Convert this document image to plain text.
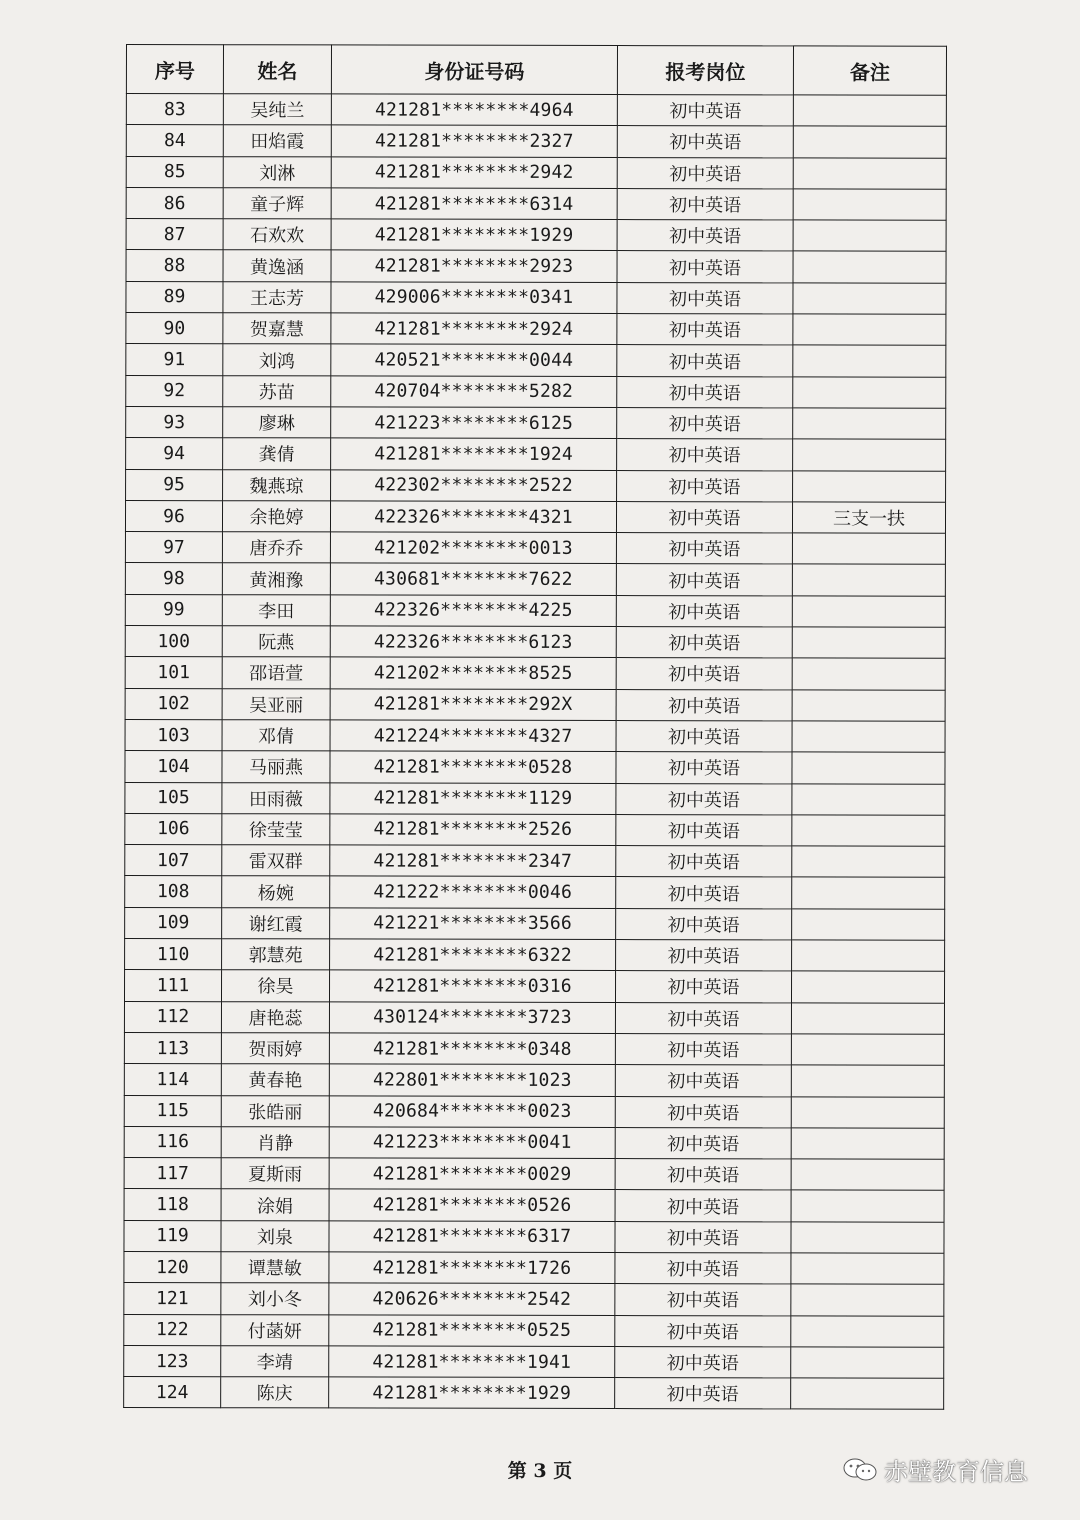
序号	姓名	身份证号码	报考岗位	备注
83	吴纯兰	421281********4964	初中英语	
84	田焰霞	421281********2327	初中英语	
85	刘淋	421281********2942	初中英语	
86	童子辉	421281********6314	初中英语	
87	石欢欢	421281********1929	初中英语	
88	黄逸涵	421281********2923	初中英语	
89	王志芳	429006********0341	初中英语	
90	贺嘉慧	421281********2924	初中英语	
91	刘鸿	420521********0044	初中英语	
92	苏苗	420704********5282	初中英语	
93	廖琳	421223********6125	初中英语	
94	龚倩	421281********1924	初中英语	
95	魏燕琼	422302********2522	初中英语	
96	余艳婷	422326********4321	初中英语	三支一扶
97	唐乔乔	421202********0013	初中英语	
98	黄湘豫	430681********7622	初中英语	
99	李田	422326********4225	初中英语	
100	阮燕	422326********6123	初中英语	
101	邵语萱	421202********8525	初中英语	
102	吴亚丽	421281********292X	初中英语	
103	邓倩	421224********4327	初中英语	
104	马丽燕	421281********0528	初中英语	
105	田雨薇	421281********1129	初中英语	
106	徐莹莹	421281********2526	初中英语	
107	雷双群	421281********2347	初中英语	
108	杨婉	421222********0046	初中英语	
109	谢红霞	421221********3566	初中英语	
110	郭慧苑	421281********6322	初中英语	
111	徐昊	421281********0316	初中英语	
112	唐艳蕊	430124********3723	初中英语	
113	贺雨婷	421281********0348	初中英语	
114	黄春艳	422801********1023	初中英语	
115	张皓丽	420684********0023	初中英语	
116	肖静	421223********0041	初中英语	
117	夏斯雨	421281********0029	初中英语	
118	涂娟	421281********0526	初中英语	
119	刘泉	421281********6317	初中英语	
120	谭慧敏	421281********1726	初中英语	
121	刘小冬	420626********2542	初中英语	
122	付菡妍	421281********0525	初中英语	
123	李靖	421281********1941	初中英语	
124	陈庆	421281********1929	初中英语	
第 3 页	赤壁教育信息
